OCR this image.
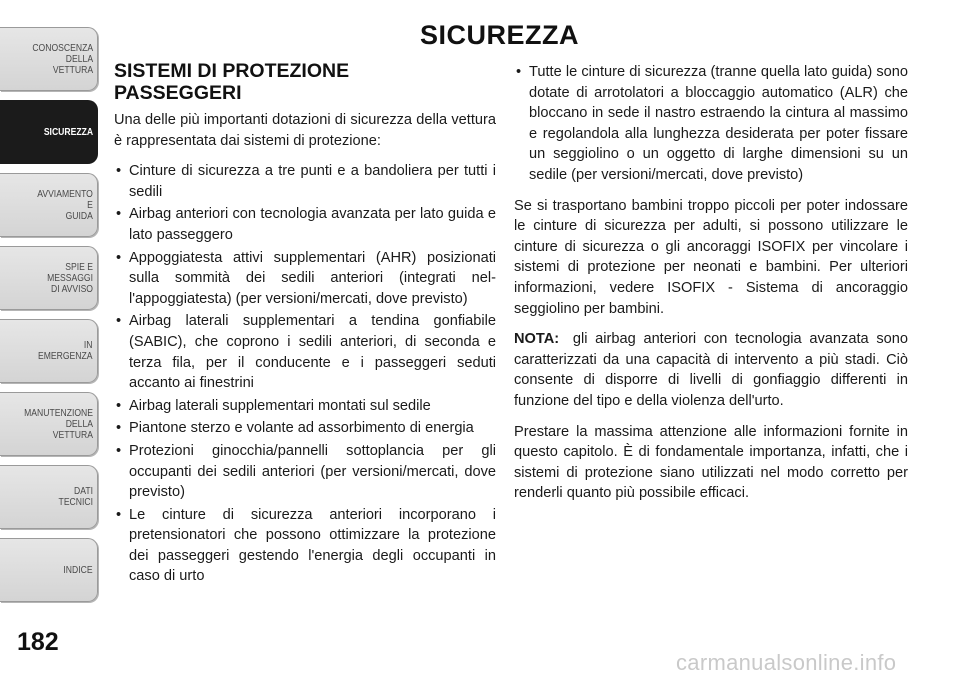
CONOSCENZA
DELLA
VETTURA
SICUREZZA
AVVIAMENTO
E
GUIDA
SPIE E
MESSAGGI
DI AVVISO
IN
EMERGENZA
MANUTENZIONE
DELLA
VETTURA
DATI
TECNICI
INDICE
182
SICUREZZA
SISTEMI DI PROTEZIONE
PASSEGGERI

Una delle più importanti dotazioni di sicurezza della vettura è rappresentata dai sistemi di protezione:

• Cinture di sicurezza a tre punti e a bandoliera per tutti i sedili
• Airbag anteriori con tecnologia avanzata per lato guida e lato passeggero
• Appoggiatesta attivi supplementari (AHR) posizionati sulla sommità dei sedili anteriori (integrati nel-l'appoggiatesta) (per versioni/mercati, dove previsto)
• Airbag laterali supplementari a tendina gonfiabile (SABIC), che coprono i sedili anteriori, di seconda e terza fila, per il conducente e i passeggeri seduti accanto ai finestrini
• Airbag laterali supplementari montati sul sedile
• Piantone sterzo e volante ad assorbimento di energia
• Protezioni ginocchia/pannelli sottoplancia per gli occupanti dei sedili anteriori (per versioni/mercati, dove previsto)
• Le cinture di sicurezza anteriori incorporano i pretensionatori che possono ottimizzare la protezione dei passeggeri gestendo l'energia degli occupanti in caso di urto
• Tutte le cinture di sicurezza (tranne quella lato guida) sono dotate di arrotolatori a bloccaggio automatico (ALR) che bloccano in sede il nastro estraendo la cintura al massimo e regolandola alla lunghezza desiderata per poter fissare un seggiolino o un oggetto di larghe dimensioni su un sedile (per versioni/mercati, dove previsto)

Se si trasportano bambini troppo piccoli per poter indossare le cinture di sicurezza per adulti, si possono utilizzare le cinture di sicurezza o gli ancoraggi ISOFIX per vincolare i sistemi di protezione per neonati e bambini. Per ulteriori informazioni, vedere ISOFIX - Sistema di ancoraggio seggiolino per bambini.

NOTA: gli airbag anteriori con tecnologia avanzata sono caratterizzati da una capacità di intervento a più stadi. Ciò consente di disporre di livelli di gonfiaggio differenti in funzione del tipo e della violenza dell'urto.

Prestare la massima attenzione alle informazioni fornite in questo capitolo. È di fondamentale importanza, infatti, che i sistemi di protezione siano utilizzati nel modo corretto per renderli quanto più possibile efficaci.

carmanualsonline.info
